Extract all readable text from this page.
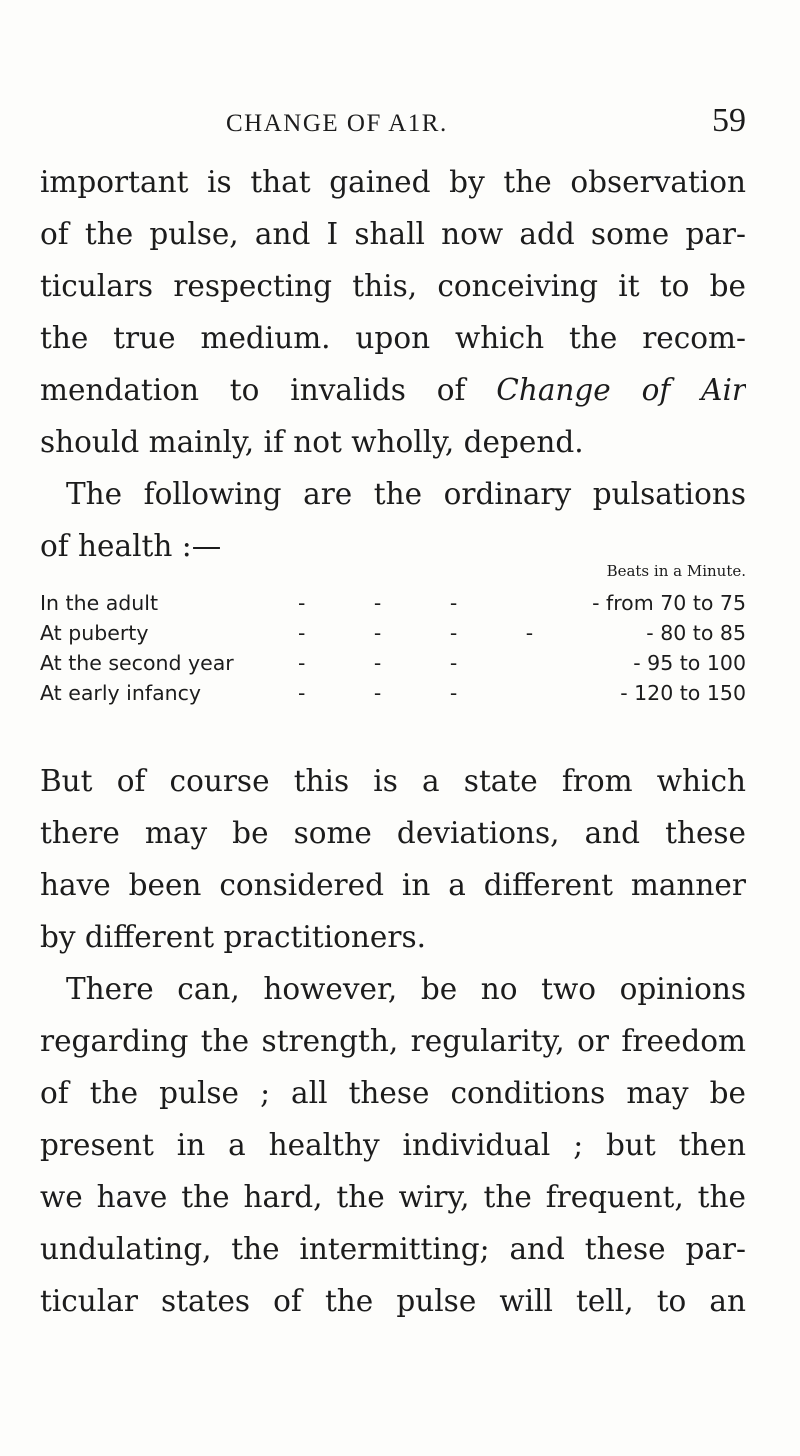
CHANGE OF A1R.	59
important is that gained by the observation
of the pulse, and I shall now add some par-
ticulars respecting this, conceiving it to be
the true medium. upon which the recom-
mendation to invalids of Change of Air
should mainly, if not wholly, depend.
The following are the ordinary pulsations
of health :—
Beats in a Minute.
In the adult	- - -	- from 70 to 75
At puberty	- - - -	- 80 to 85
At the second year	- - -	- 95 to 100
At early infancy	- - -	- 120 to 150
But of course this is a state from which
there may be some deviations, and these
have been considered in a different manner
by different practitioners.
There can, however, be no two opinions
regarding the strength, regularity, or freedom
of the pulse ; all these conditions may be
present in a healthy individual ; but then
we have the hard, the wiry, the frequent, the
undulating, the intermitting; and these par-
ticular states of the pulse will tell, to an
